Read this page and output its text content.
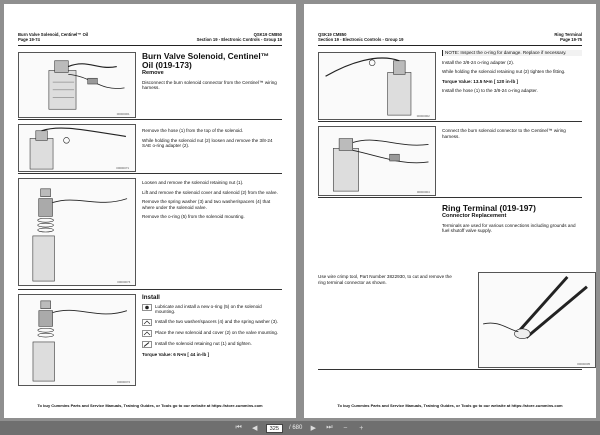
Burn Valve Solenoid, Centinel™ Oil
Page 19-74
QSK19 CM850
Section 19 - Electronic Controls - Group 19
00000001
Burn Valve Solenoid, Centinel™ Oil (019-173)
Remove

Disconnect the burn solenoid connector from the Centinel™ wiring harness.

00000071

Remove the hose (1) from the top of the solenoid.

While holding the solenoid nut (2) loosen and remove the 3/8-24 SAE o-ring adapter (2).

00000073

Loosen and remove the solenoid retaining nut (1).

Lift and remove the solenoid cover and solenoid (2) from the valve.

Remove the spring washer (3) and two washer/spacers (4) that where under the solenoid valve.

Remove the o-ring (5) from the solenoid mounting.

00000072
Install
Lubricate and install a new o-ring (5) on the solenoid mounting.
Install the two washer/spacers (4) and the spring washer (3).
Place the new solenoid and cover (2) on the valve mounting.
Install the solenoid retaining nut (1) and tighten.

Torque Value: 6 N•m [ 44 in-lb ]

To buy Cummins Parts and Service Manuals, Training Guides, or Tools go to our website at https://store.cummins.com
QSK19 CM850
Section 19 - Electronic Controls - Group 19
Ring Terminal
Page 19-75
00000002

NOTE: Inspect the o-ring for damage. Replace if necessary.

Install the 3/8-24 o-ring adapter (2).

While holding the solenoid retaining nut (2) tighten the fitting.

Torque Value: 13.5 N•m [ 120 in-lb ]

Install the hose (1) to the 3/8-24 o-ring adapter.

00000004

Connect the burn solenoid connector to the Centinel™ wiring harness.

Ring Terminal (019-197)
Connector Replacement

Terminals are used for various connections including grounds and fuel shutoff valve supply.

00000005

Use wire crimp tool, Part Number 3822930, to cut and remove the ring terminal connector as shown.

To buy Cummins Parts and Service Manuals, Training Guides, or Tools go to our website at https://store.cummins.com
⏮	◀	325	/ 680	▶	⏭	−	+
